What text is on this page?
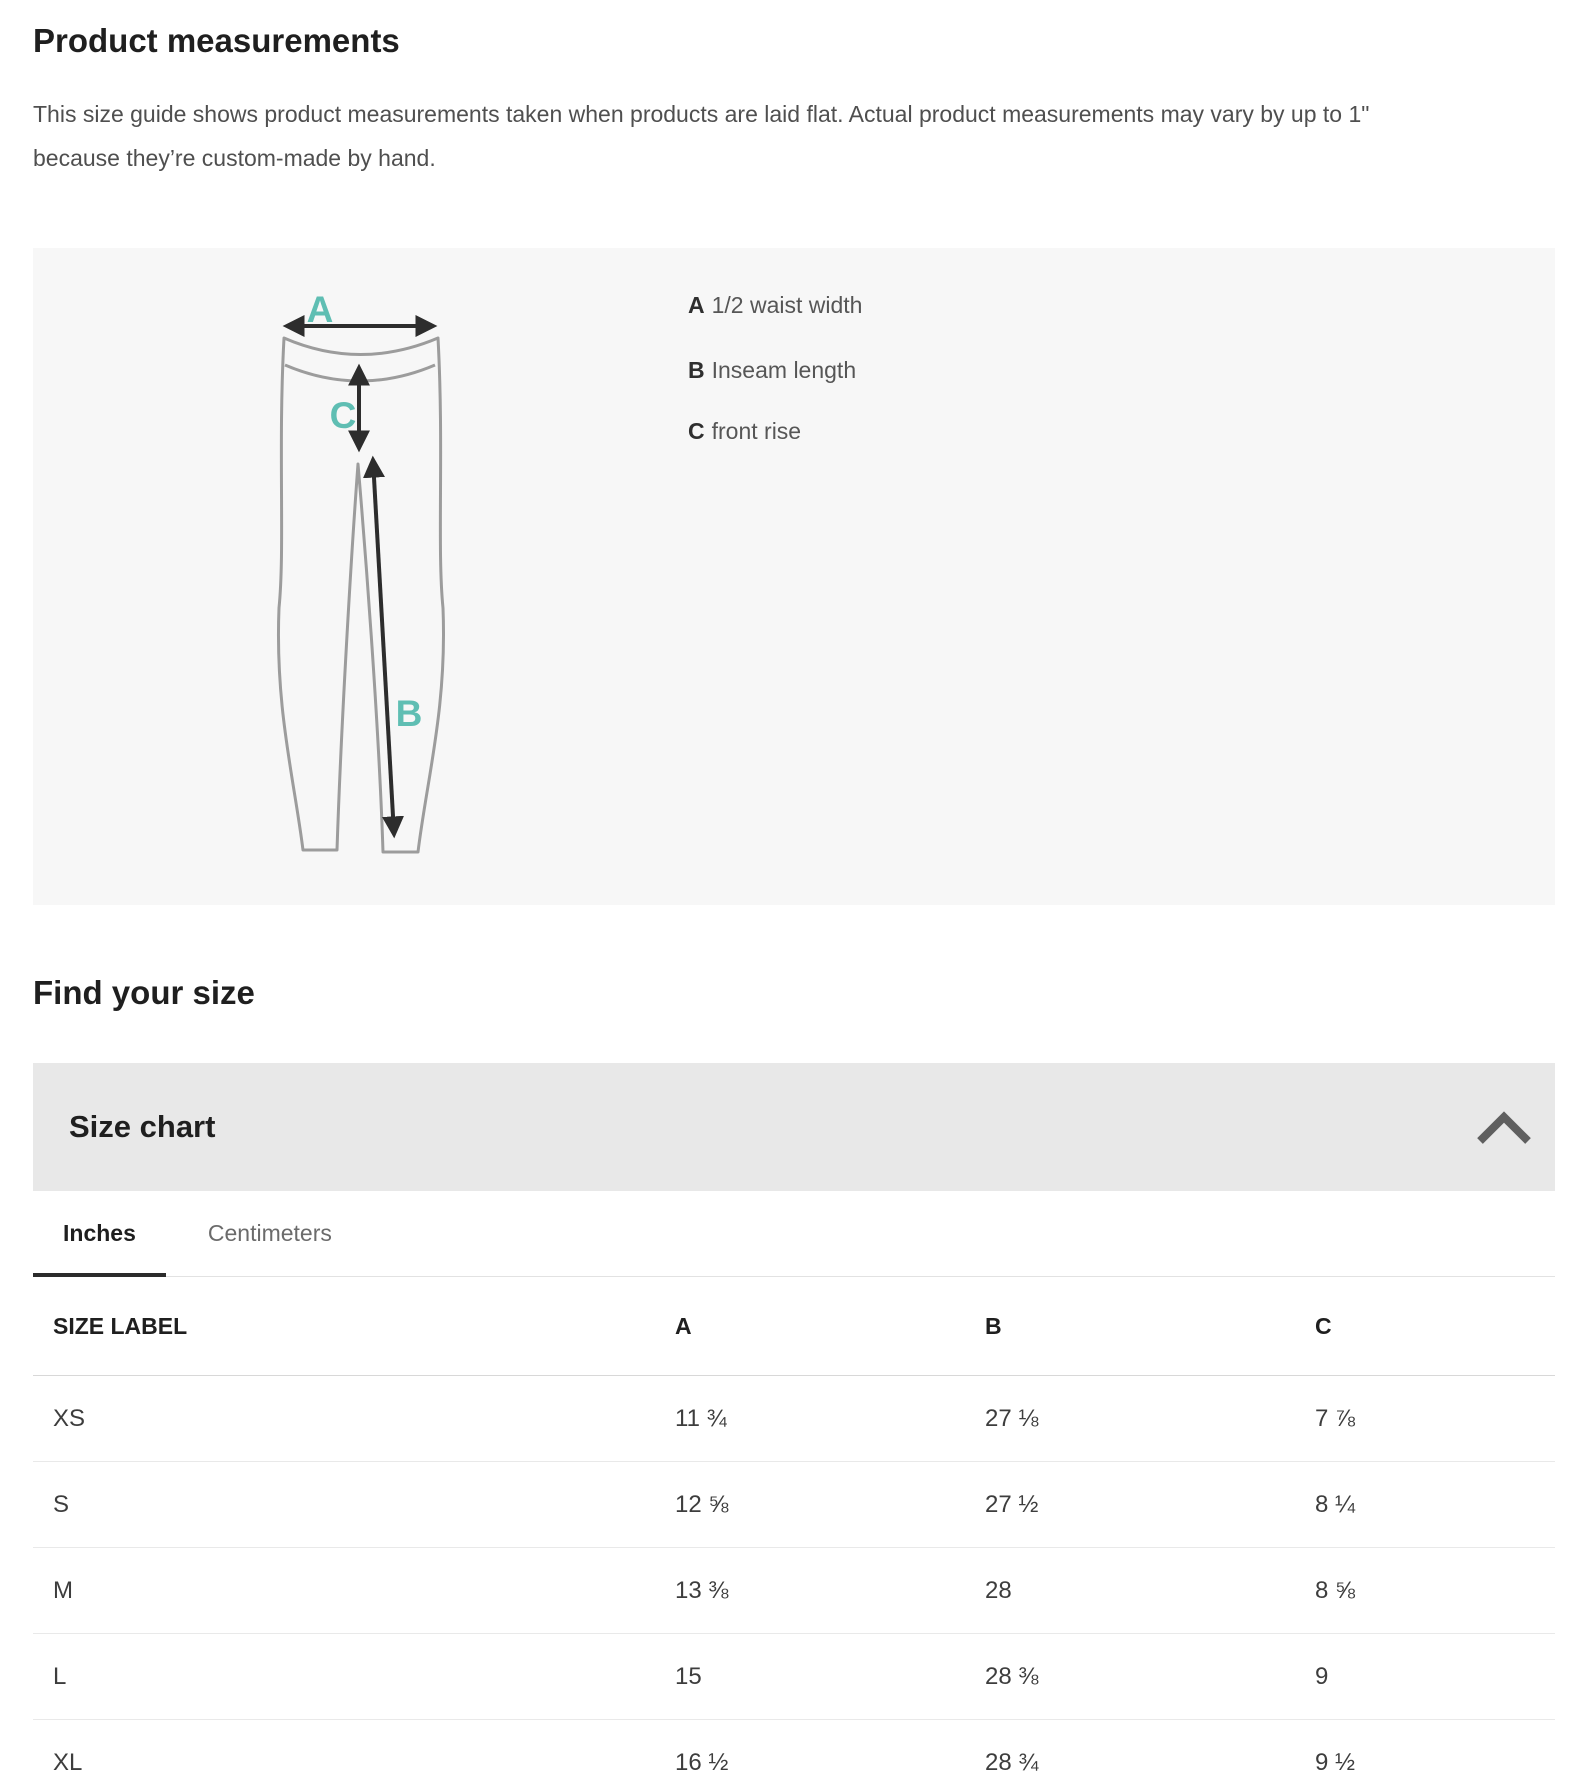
Product measurements

This size guide shows product measurements taken when products are laid flat. Actual product measurements may vary by up to 1" because they’re custom-made by hand.

A
C
B
A 1/2 waist width
B Inseam length
C front rise
Find your size
Size chart
Inches	Centimeters
SIZE LABEL	A	B	C
XS	11 ¾	27 ⅛	7 ⅞
S	12 ⅝	27 ½	8 ¼
M	13 ⅜	28	8 ⅝
L	15	28 ⅜	9
XL	16 ½	28 ¾	9 ½
